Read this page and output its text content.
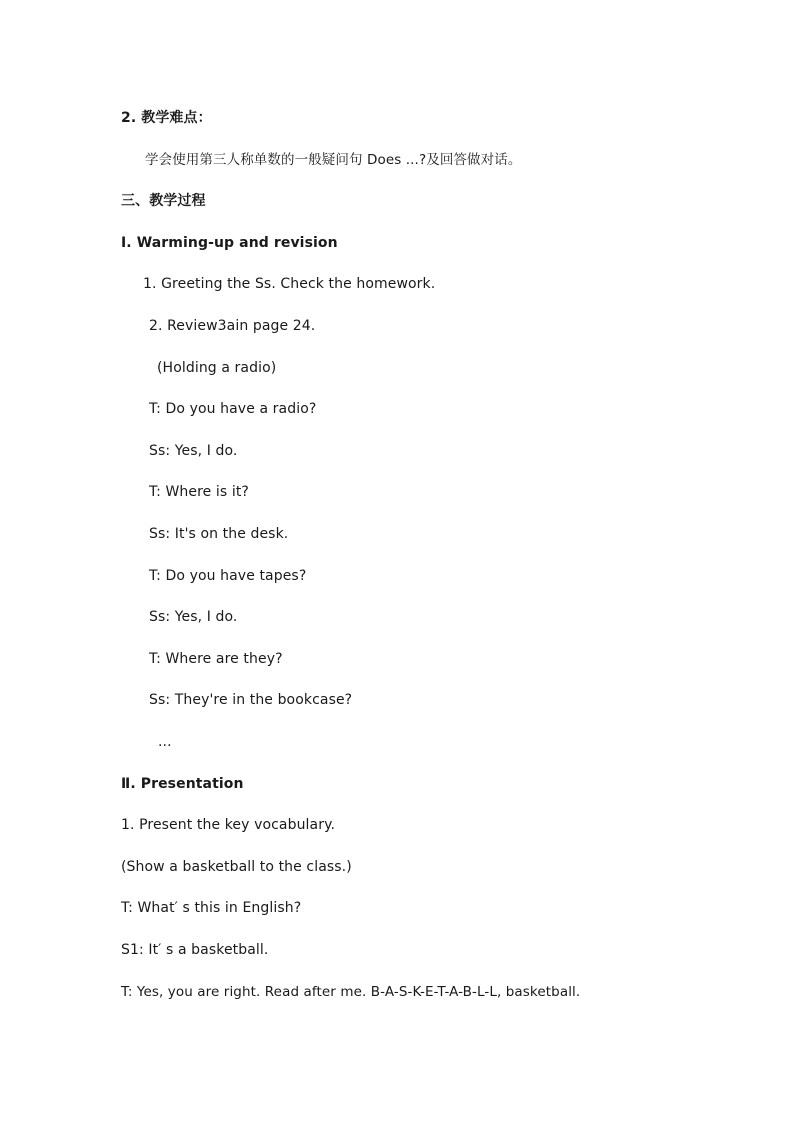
2. 教学难点：
学会使用第三人称单数的一般疑问句 Does ...?及回答做对话。
三、教学过程
Ⅰ. Warming-up and revision
1. Greeting the Ss. Check the homework.
2. Review3ain page 24.
(Holding a radio)
T: Do you have a radio?
Ss: Yes, I do.
T: Where is it?
Ss: It's on the desk.
T: Do you have tapes?
Ss: Yes, I do.
T: Where are they?
Ss: They're in the bookcase?
...
Ⅱ. Presentation
1. Present the key vocabulary.
(Show a basketball to the class.)
T: What′ s this in English?
S1: It′ s a basketball.
T: Yes, you are right. Read after me. B-A-S-K-E-T-A-B-L-L, basketball.
